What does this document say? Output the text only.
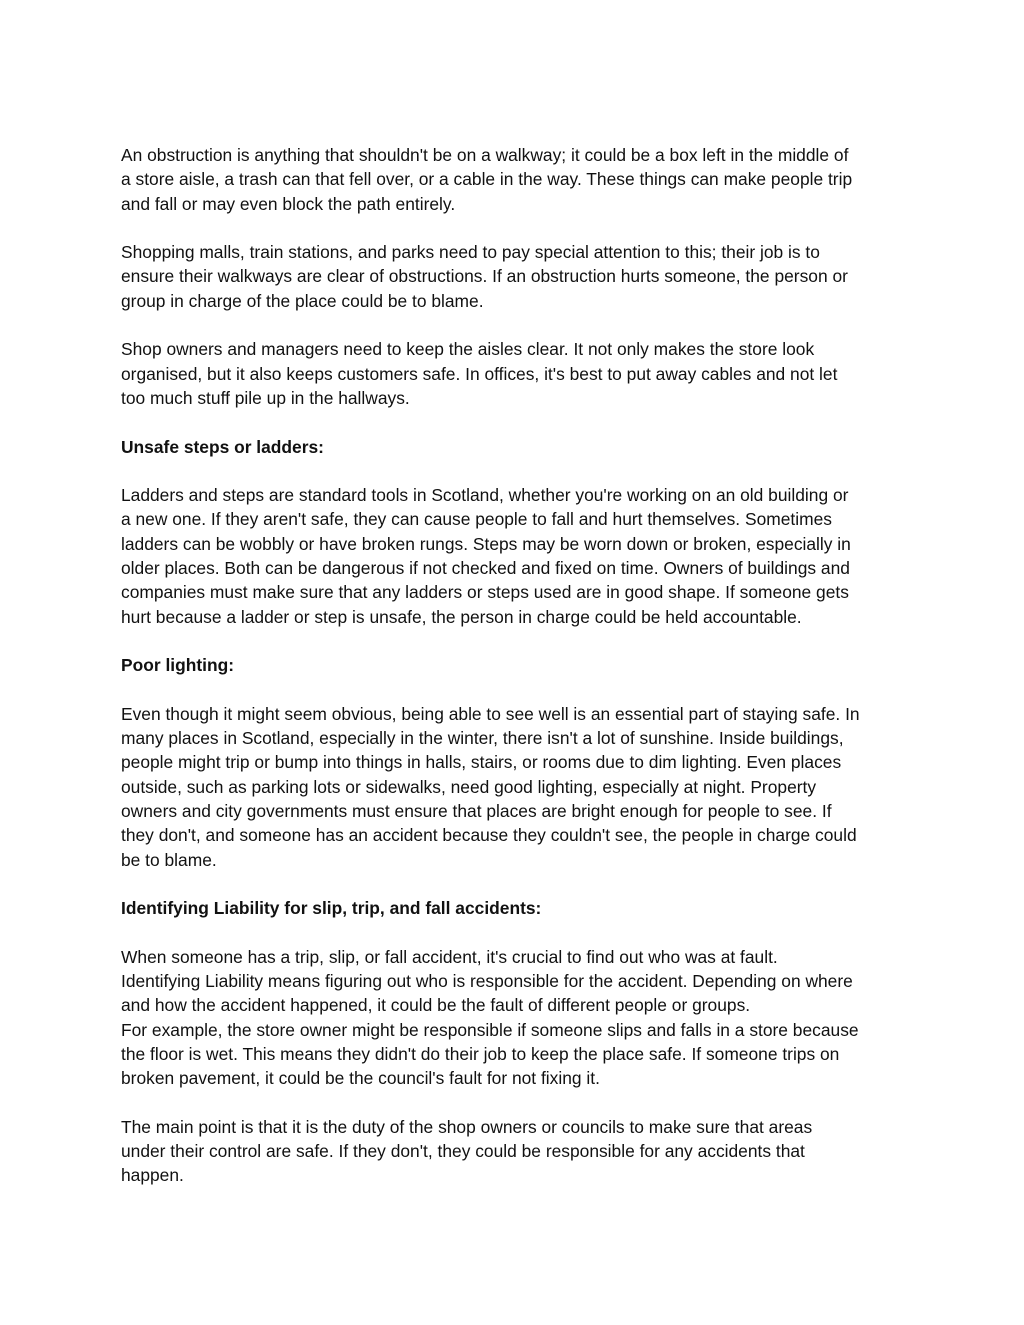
An obstruction is anything that shouldn't be on a walkway; it could be a box left in the middle of
a store aisle, a trash can that fell over, or a cable in the way. These things can make people trip
and fall or may even block the path entirely.

Shopping malls, train stations, and parks need to pay special attention to this; their job is to
ensure their walkways are clear of obstructions. If an obstruction hurts someone, the person or
group in charge of the place could be to blame.

Shop owners and managers need to keep the aisles clear. It not only makes the store look
organised, but it also keeps customers safe. In offices, it's best to put away cables and not let
too much stuff pile up in the hallways.

Unsafe steps or ladders:

Ladders and steps are standard tools in Scotland, whether you're working on an old building or
a new one. If they aren't safe, they can cause people to fall and hurt themselves. Sometimes
ladders can be wobbly or have broken rungs. Steps may be worn down or broken, especially in
older places. Both can be dangerous if not checked and fixed on time. Owners of buildings and
companies must make sure that any ladders or steps used are in good shape. If someone gets
hurt because a ladder or step is unsafe, the person in charge could be held accountable.

Poor lighting:

Even though it might seem obvious, being able to see well is an essential part of staying safe. In
many places in Scotland, especially in the winter, there isn't a lot of sunshine. Inside buildings,
people might trip or bump into things in halls, stairs, or rooms due to dim lighting. Even places
outside, such as parking lots or sidewalks, need good lighting, especially at night. Property
owners and city governments must ensure that places are bright enough for people to see. If
they don't, and someone has an accident because they couldn't see, the people in charge could
be to blame.

Identifying Liability for slip, trip, and fall accidents:

When someone has a trip, slip, or fall accident, it's crucial to find out who was at fault.
Identifying Liability means figuring out who is responsible for the accident. Depending on where
and how the accident happened, it could be the fault of different people or groups.
For example, the store owner might be responsible if someone slips and falls in a store because
the floor is wet. This means they didn't do their job to keep the place safe. If someone trips on
broken pavement, it could be the council's fault for not fixing it.

The main point is that it is the duty of the shop owners or councils to make sure that areas
under their control are safe. If they don't, they could be responsible for any accidents that
happen.
